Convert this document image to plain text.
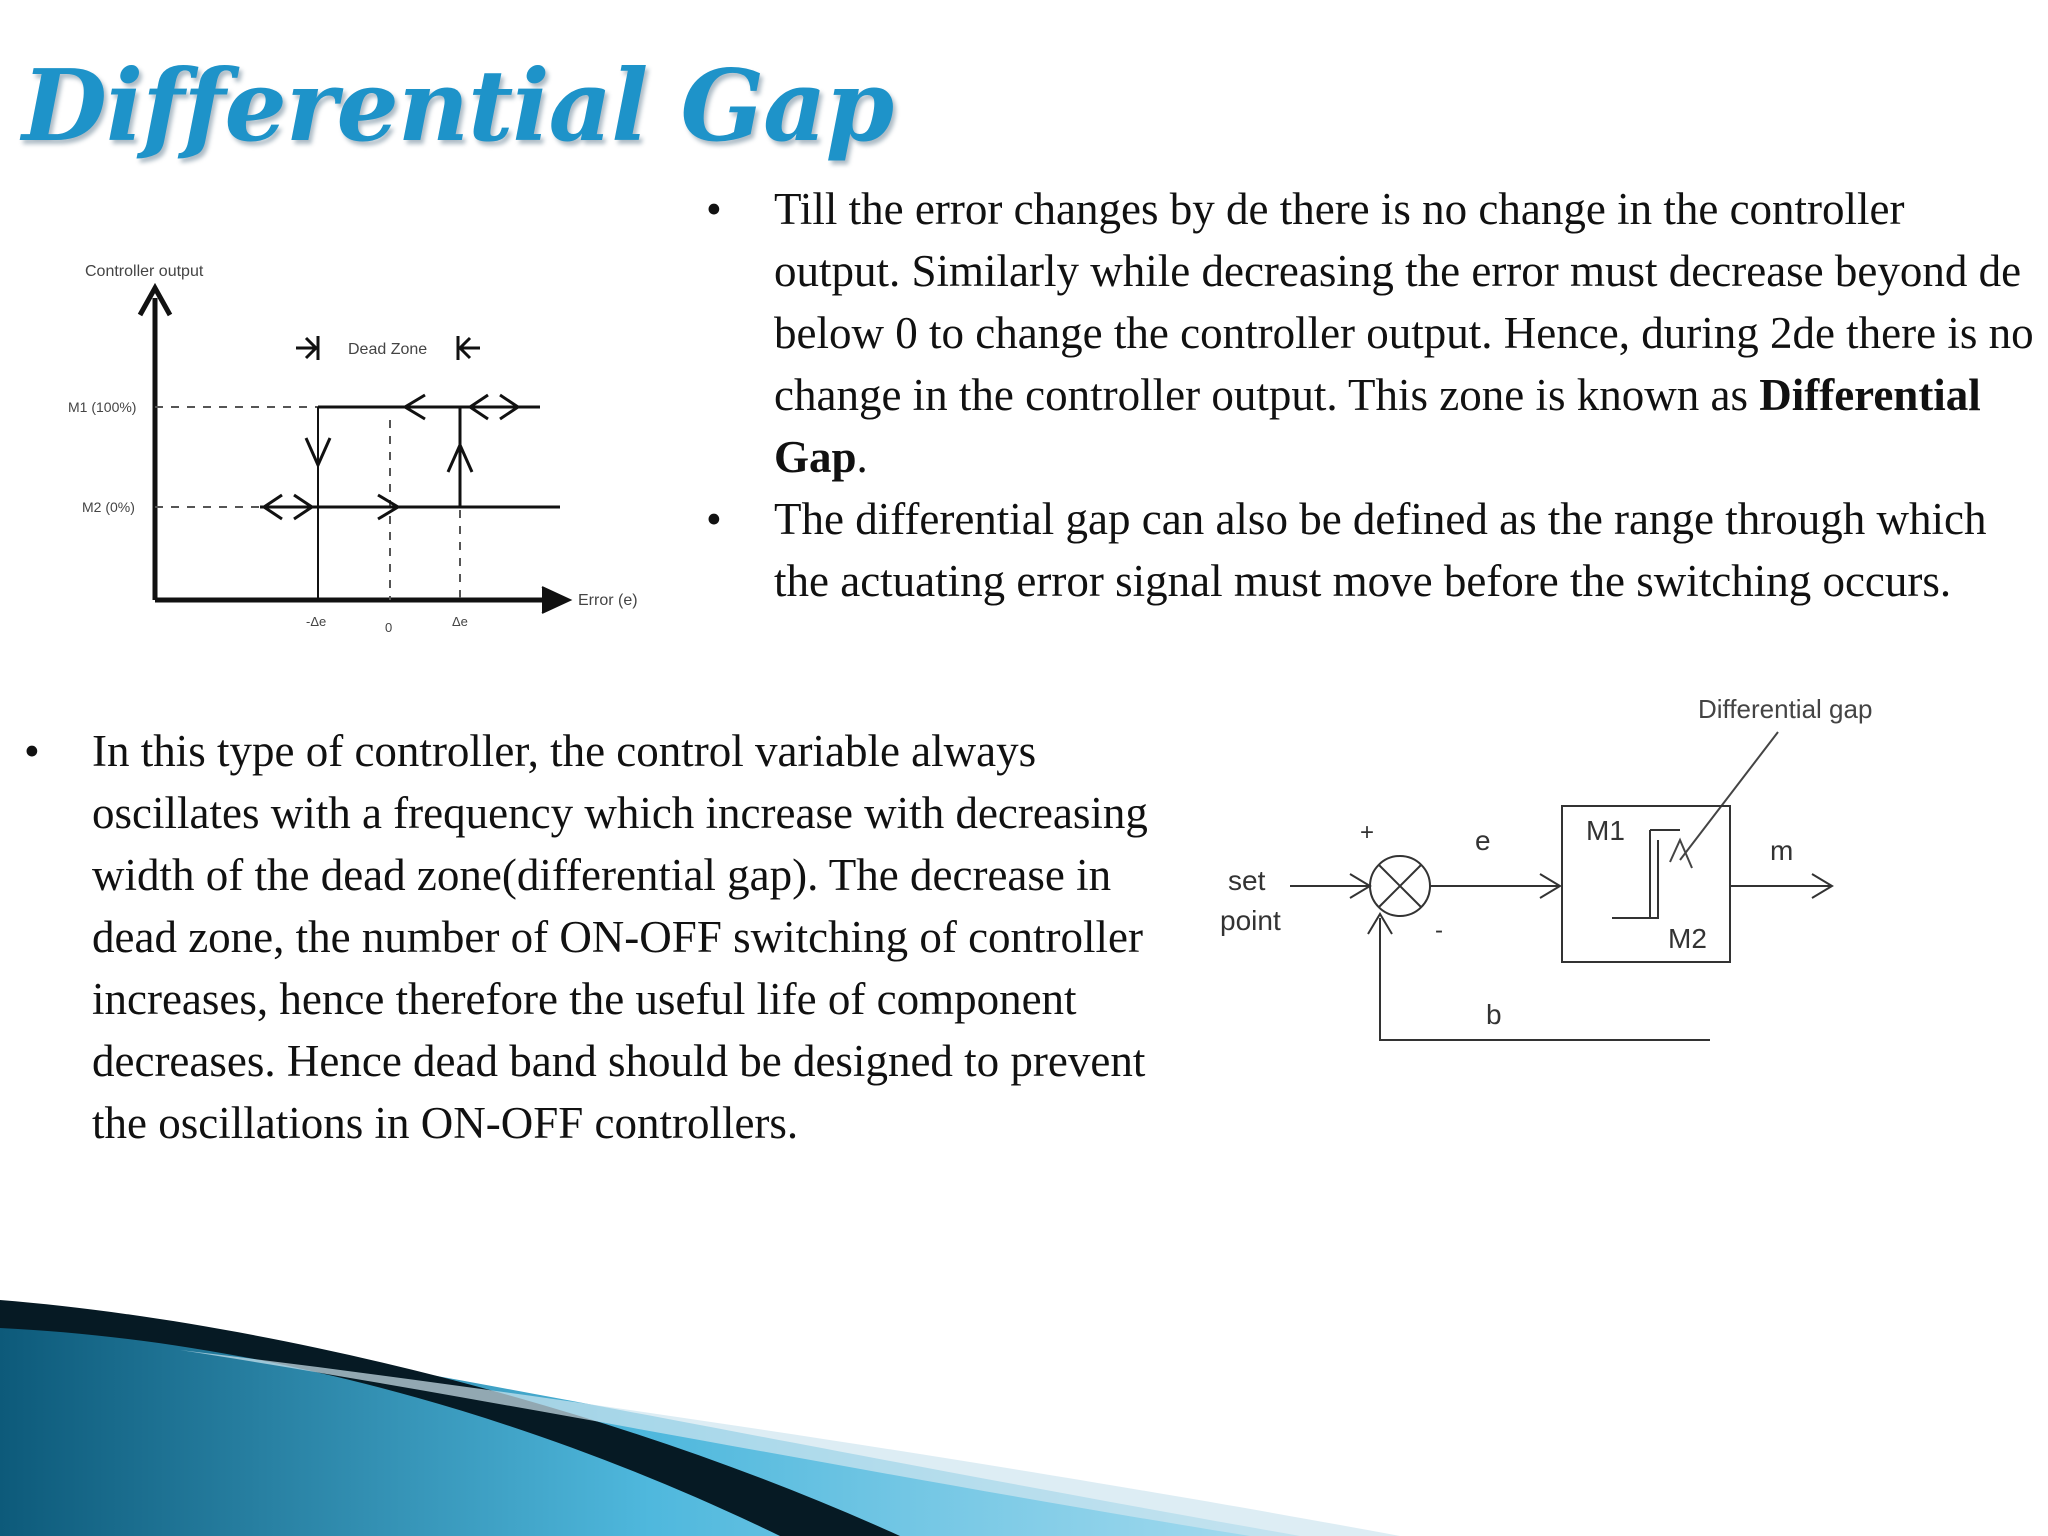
Differential Gap
Controller output
Error (e)
M1 (100%)
M2 (0%)
Dead Zone
-Δe	0	Δe
• Till the error changes by de there is no change in the controller output. Similarly while decreasing the error must decrease beyond de below 0 to change the controller output. Hence, during 2de there is no change in the controller output. This zone is known as Differential Gap.
• The differential gap can also be defined as the range through which the actuating error signal must move before the switching occurs.
• In this type of controller, the control variable always oscillates with a frequency which increase with decreasing width of the dead zone(differential gap). The decrease in dead zone, the number of ON-OFF switching of controller increases, hence therefore the useful life of component decreases. Hence dead band should be designed to prevent the oscillations in ON-OFF controllers.
Differential gap
set
point
+
-
e	M1
M2
m
b
